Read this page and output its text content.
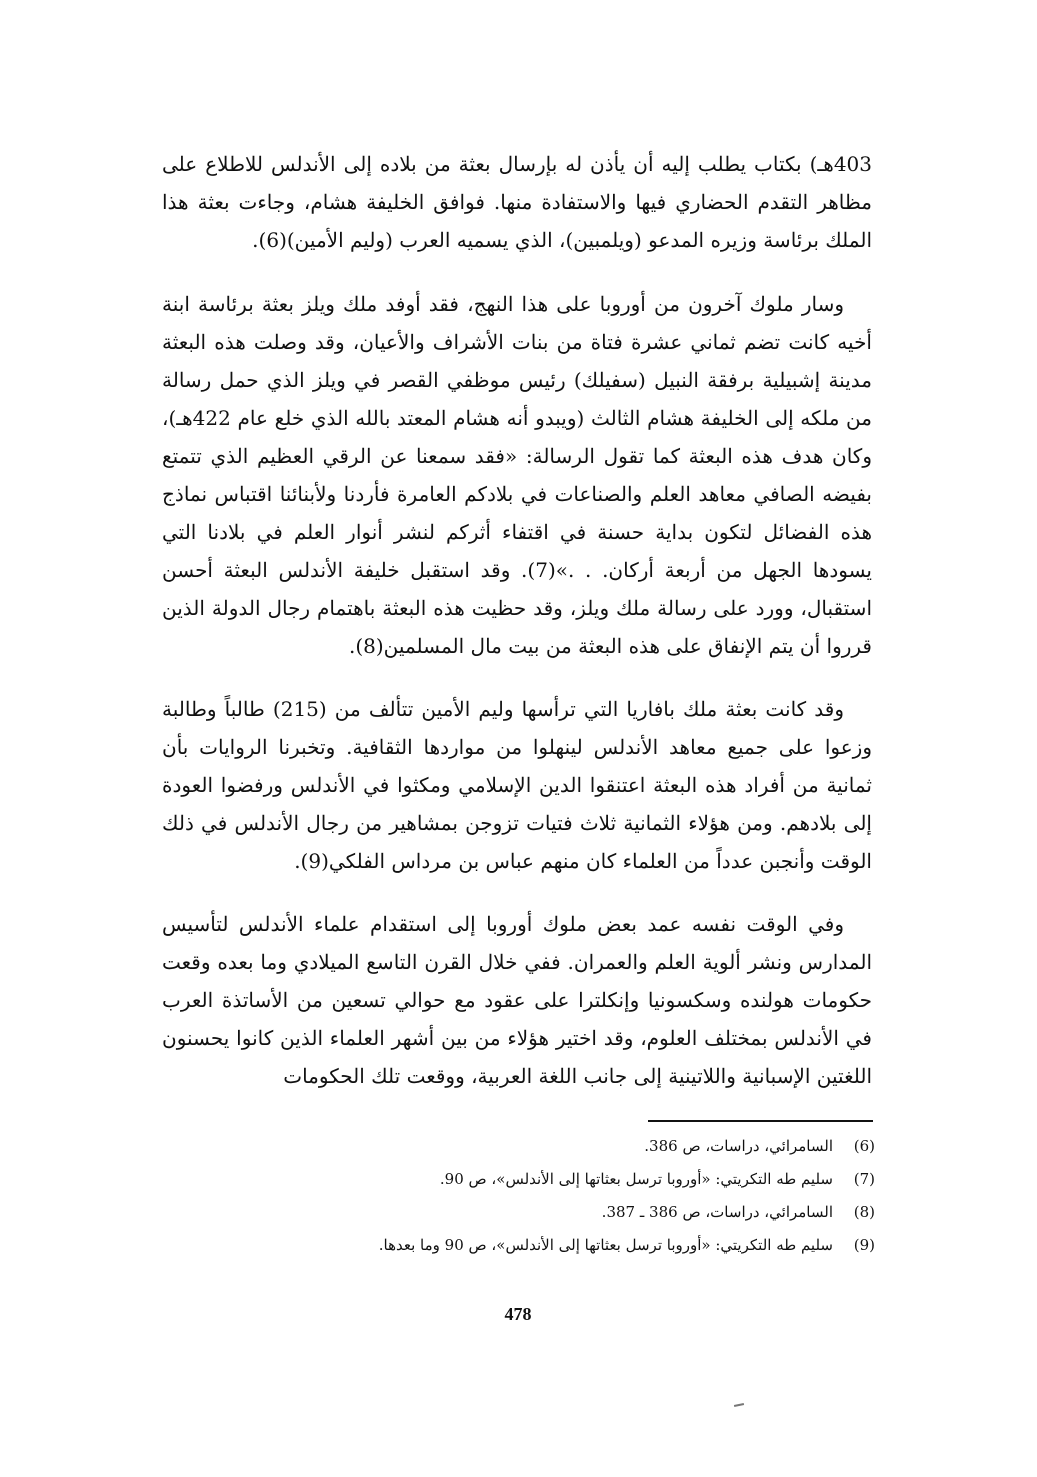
403هـ) بكتاب يطلب إليه أن يأذن له بإرسال بعثة من بلاده إلى الأندلس للاطلاع على مظاهر التقدم الحضاري فيها والاستفادة منها. فوافق الخليفة هشام، وجاءت بعثة هذا الملك برئاسة وزيره المدعو (ويلمبين)، الذي يسميه العرب (وليم الأمين)(6).

وسار ملوك آخرون من أوروبا على هذا النهج، فقد أوفد ملك ويلز بعثة برئاسة ابنة أخيه كانت تضم ثماني عشرة فتاة من بنات الأشراف والأعيان، وقد وصلت هذه البعثة مدينة إشبيلية برفقة النبيل (سفيلك) رئيس موظفي القصر في ويلز الذي حمل رسالة من ملكه إلى الخليفة هشام الثالث (ويبدو أنه هشام المعتد بالله الذي خلع عام 422هـ)، وكان هدف هذه البعثة كما تقول الرسالة: «فقد سمعنا عن الرقي العظيم الذي تتمتع بفيضه الصافي معاهد العلم والصناعات في بلادكم العامرة فأردنا ولأبنائنا اقتباس نماذج هذه الفضائل لتكون بداية حسنة في اقتفاء أثركم لنشر أنوار العلم في بلادنا التي يسودها الجهل من أربعة أركان. . .»(7). وقد استقبل خليفة الأندلس البعثة أحسن استقبال، وورد على رسالة ملك ويلز، وقد حظيت هذه البعثة باهتمام رجال الدولة الذين قرروا أن يتم الإنفاق على هذه البعثة من بيت مال المسلمين(8).

وقد كانت بعثة ملك بافاريا التي ترأسها وليم الأمين تتألف من (215) طالباً وطالبة وزعوا على جميع معاهد الأندلس لينهلوا من مواردها الثقافية. وتخبرنا الروايات بأن ثمانية من أفراد هذه البعثة اعتنقوا الدين الإسلامي ومكثوا في الأندلس ورفضوا العودة إلى بلادهم. ومن هؤلاء الثمانية ثلاث فتيات تزوجن بمشاهير من رجال الأندلس في ذلك الوقت وأنجبن عدداً من العلماء كان منهم عباس بن مرداس الفلكي(9).

وفي الوقت نفسه عمد بعض ملوك أوروبا إلى استقدام علماء الأندلس لتأسيس المدارس ونشر ألوية العلم والعمران. ففي خلال القرن التاسع الميلادي وما بعده وقعت حكومات هولنده وسكسونيا وإنكلترا على عقود مع حوالي تسعين من الأساتذة العرب في الأندلس بمختلف العلوم، وقد اختير هؤلاء من بين أشهر العلماء الذين كانوا يحسنون اللغتين الإسبانية واللاتينية إلى جانب اللغة العربية، ووقعت تلك الحكومات

(6)
السامرائي، دراسات، ص 386.
(7)
سليم طه التكريتي: «أوروبا ترسل بعثاتها إلى الأندلس»، ص 90.
(8)
السامرائي، دراسات، ص 386 ـ 387.
(9)
سليم طه التكريتي: «أوروبا ترسل بعثاتها إلى الأندلس»، ص 90 وما بعدها.
478
